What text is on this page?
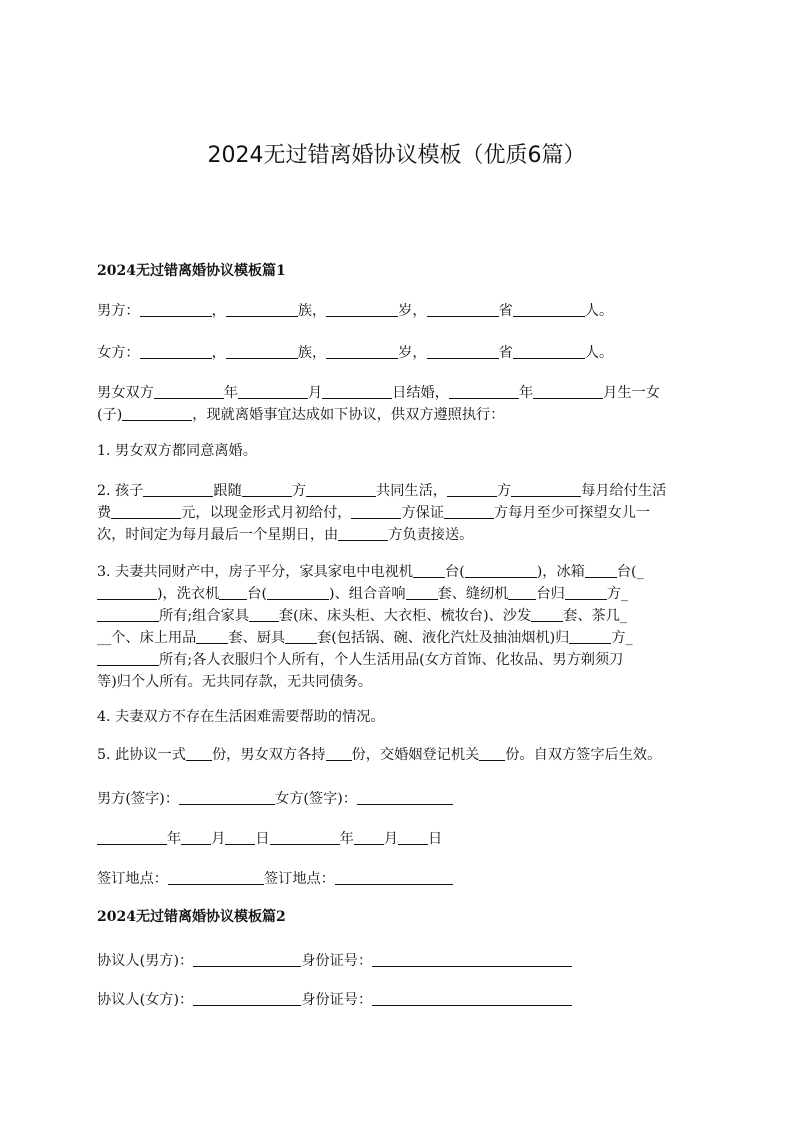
2024无过错离婚协议模板（优质6篇）
2024无过错离婚协议模板篇1
男方：	，	族，	岁，	省	人。
女方：	，	族，	岁，	省	人。
男女双方	年	月	日结婚，	年	月生一女
(子)	，现就离婚事宜达成如下协议，供双方遵照执行：
1. 男女双方都同意离婚。
2. 孩子	跟随	方	共同生活，	方	每月给付生活
费	元，以现金形式月初给付，	方保证	方每月至少可探望女儿一
次，时间定为每月最后一个星期日，由	方负责接送。
3. 夫妻共同财产中，房子平分，家具家电中电视机 台(	)，冰箱 台(_
)，洗衣机 台(	)、组合音响 套、缝纫机 台归	方_
所有;组合家具 套(床、床头柜、大衣柜、梳妆台)、沙发 套、茶几_
__个、床上用品 套、厨具 套(包括锅、碗、液化汽灶及抽油烟机)归	方_
所有;各人衣服归个人所有，个人生活用品(女方首饰、化妆品、男方剃须刀
等)归个人所有。无共同存款，无共同债务。
4. 夫妻双方不存在生活困难需要帮助的情况。
5. 此协议一式 份，男女双方各持 份，交婚姻登记机关 份。自双方签字后生效。
男方(签字)：	女方(签字)：
年 月 日	年 月 日
签订地点：	签订地点：
2024无过错离婚协议模板篇2
协议人(男方)：	身份证号：
协议人(女方)：	身份证号：
